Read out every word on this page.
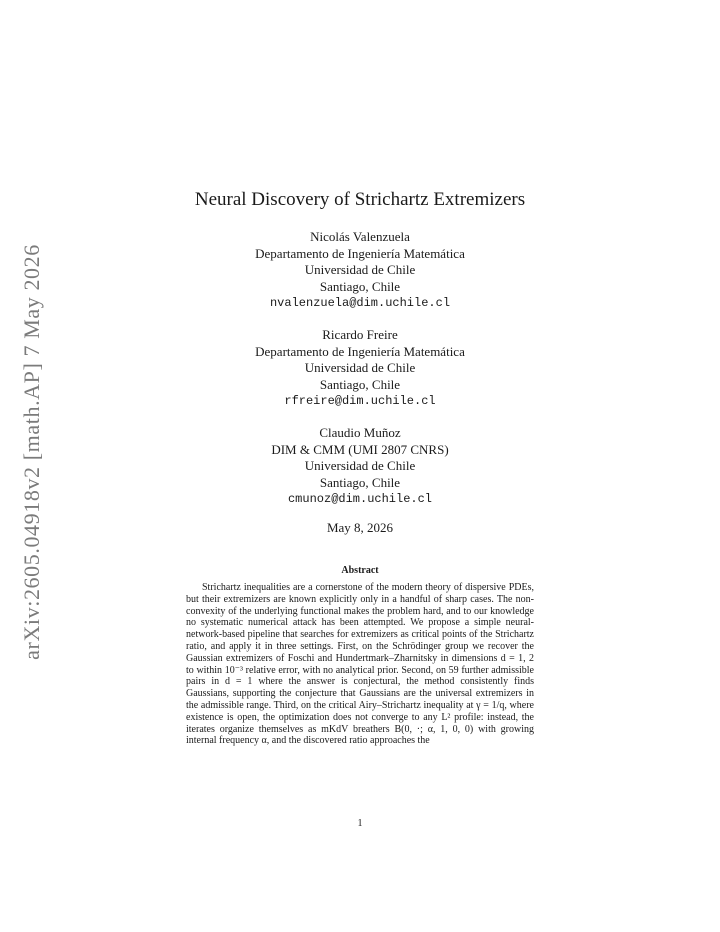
arXiv:2605.04918v2 [math.AP] 7 May 2026
Neural Discovery of Strichartz Extremizers
Nicolás Valenzuela
Departamento de Ingeniería Matemática
Universidad de Chile
Santiago, Chile
nvalenzuela@dim.uchile.cl
Ricardo Freire
Departamento de Ingeniería Matemática
Universidad de Chile
Santiago, Chile
rfreire@dim.uchile.cl
Claudio Muñoz
DIM & CMM (UMI 2807 CNRS)
Universidad de Chile
Santiago, Chile
cmunoz@dim.uchile.cl
May 8, 2026
Abstract

Strichartz inequalities are a cornerstone of the modern theory of dispersive PDEs, but their extremizers are known explicitly only in a handful of sharp cases. The non-convexity of the underlying functional makes the problem hard, and to our knowledge no systematic numerical attack has been attempted. We propose a simple neural-network-based pipeline that searches for extremizers as critical points of the Strichartz ratio, and apply it in three settings. First, on the Schrödinger group we recover the Gaussian extremizers of Foschi and Hundertmark–Zharnitsky in dimensions d = 1, 2 to within 10⁻³ relative error, with no analytical prior. Second, on 59 further admissible pairs in d = 1 where the answer is conjectural, the method consistently finds Gaussians, supporting the conjecture that Gaussians are the universal extremizers in the admissible range. Third, on the critical Airy–Strichartz inequality at γ = 1/q, where existence is open, the optimization does not converge to any L² profile: instead, the iterates organize themselves as mKdV breathers B(0, ·; α, 1, 0, 0) with growing internal frequency α, and the discovered ratio approaches the

1
